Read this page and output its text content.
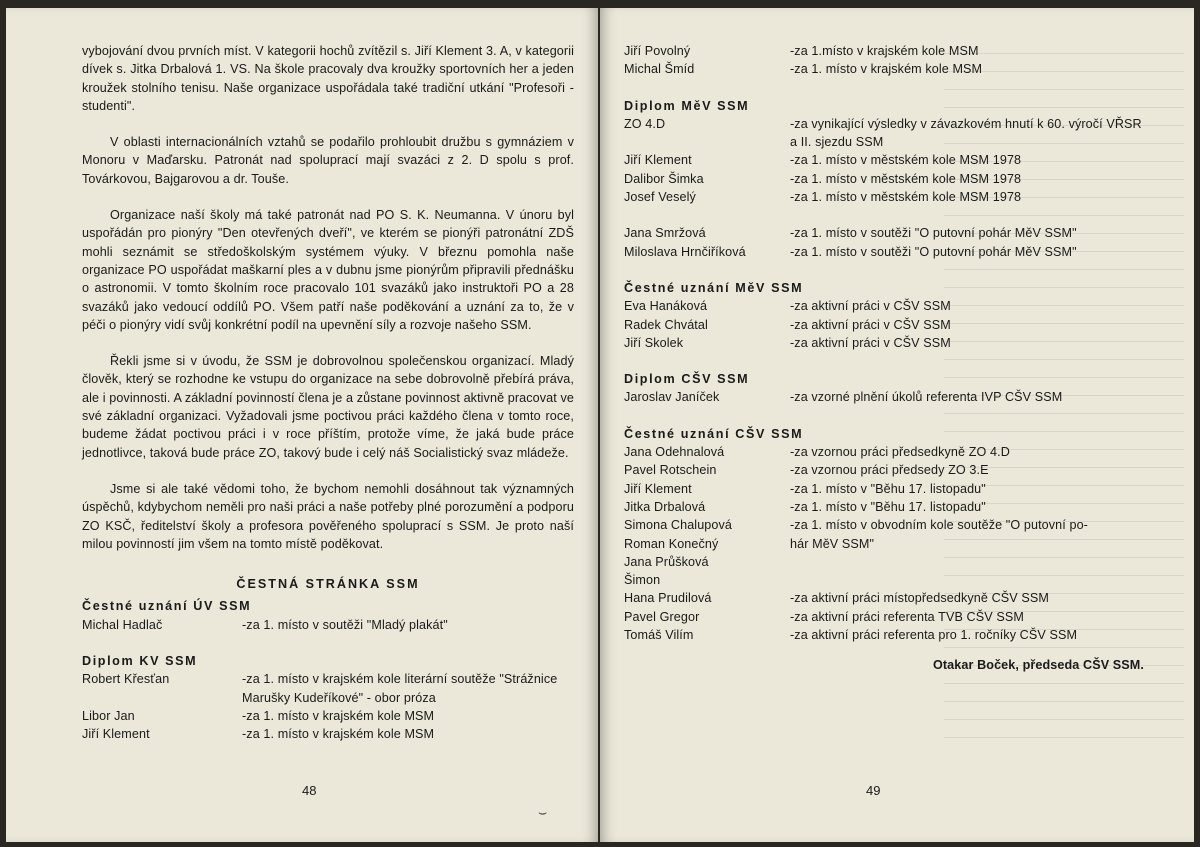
vybojování dvou prvních míst. V kategorii hochů zvítězil s. Jiří Klement 3. A, v kategorii dívek s. Jitka Drbalová 1. VS. Na škole pracovaly dva kroužky sportovních her a jeden kroužek stolního tenisu. Naše organizace uspořádala také tradiční utkání "Profesoři - studenti".

V oblasti internacionálních vztahů se podařilo prohloubit družbu s gymnáziem v Monoru v Maďarsku. Patronát nad spoluprací mají svazáci z 2. D spolu s prof. Továrkovou, Bajgarovou a dr. Touše.

Organizace naší školy má také patronát nad PO S. K. Neumanna. V únoru byl uspořádán pro pionýry "Den otevřených dveří", ve kterém se pionýři patronátní ZDŠ mohli seznámit se středoškolským systémem výuky. V březnu pomohla naše organizace PO uspořádat maškarní ples a v dubnu jsme pionýrům připravili přednášku o astronomii. V tomto školním roce pracovalo 101 svazáků jako instruktoři PO a 28 svazáků jako vedoucí oddílů PO. Všem patří naše poděkování a uznání za to, že v péči o pionýry vidí svůj konkrétní podíl na upevnění síly a rozvoje našeho SSM.

Řekli jsme si v úvodu, že SSM je dobrovolnou společenskou organizací. Mladý člověk, který se rozhodne ke vstupu do organizace na sebe dobrovolně přebírá práva, ale i povinnosti. A základní povinností člena je a zůstane povinnost aktivně pracovat ve své základní organizaci. Vyžadovali jsme poctivou práci každého člena v tomto roce, budeme žádat poctivou práci i v roce příštím, protože víme, že jaká bude práce jednotlivce, taková bude práce ZO, takový bude i celý náš Socialistický svaz mládeže.

Jsme si ale také vědomi toho, že bychom nemohli dosáhnout tak významných úspěchů, kdybychom neměli pro naši práci a naše potřeby plné porozumění a podporu ZO KSČ, ředitelství školy a profesora pověřeného spoluprací s SSM. Je proto naší milou povinností jim všem na tomto místě poděkovat.

ČESTNÁ STRÁNKA SSM
Čestné uznání ÚV SSM
Michal Hadlač	-za 1. místo v soutěži "Mladý plakát"
Diplom KV SSM
Robert Křesťan	-za 1. místo v krajském kole literární soutěže "Strážnice Marušky Kudeříkové" - obor próza
Libor Jan	-za 1. místo v krajském kole MSM
Jiří Klement	-za 1. místo v krajském kole MSM
48
⌣
Jiří Povolný	-za 1.místo v krajském kole MSM
Michal Šmíd	-za 1. místo v krajském kole MSM
Diplom MěV SSM
ZO 4.D	-za vynikající výsledky v závazkovém hnutí k 60. výročí VŘSR a II. sjezdu SSM
Jiří Klement	-za 1. místo v městském kole MSM 1978
Dalibor Šimka	-za 1. místo v městském kole MSM 1978
Josef Veselý	-za 1. místo v městském kole MSM 1978
Jana Smržová	-za 1. místo v soutěži "O putovní pohár MěV SSM"
Miloslava Hrnčiříková	-za 1. místo v soutěži "O putovní pohár MěV SSM"
Čestné uznání MěV SSM
Eva Hanáková	-za aktivní práci v CŠV SSM
Radek Chvátal	-za aktivní práci v CŠV SSM
Jiří Skolek	-za aktivní práci v CŠV SSM
Diplom CŠV SSM
Jaroslav Janíček	-za vzorné plnění úkolů referenta IVP CŠV SSM
Čestné uznání CŠV SSM
Jana Odehnalová	-za vzornou práci předsedkyně ZO 4.D
Pavel Rotschein	-za vzornou práci předsedy ZO 3.E
Jiří Klement	-za 1. místo v "Běhu 17. listopadu"
Jitka Drbalová	-za 1. místo v "Běhu 17. listopadu"
Simona Chalupová	-za 1. místo v obvodním kole soutěže "O putovní po-
Roman Konečný	hár MěV SSM"
Jana Průšková
Šimon
Hana Prudilová	-za aktivní práci místopředsedkyně CŠV SSM
Pavel Gregor	-za aktivní práci referenta TVB CŠV SSM
Tomáš Vilím	-za aktivní práci referenta pro 1. ročníky CŠV SSM
Otakar Boček, předseda CŠV SSM.
49
